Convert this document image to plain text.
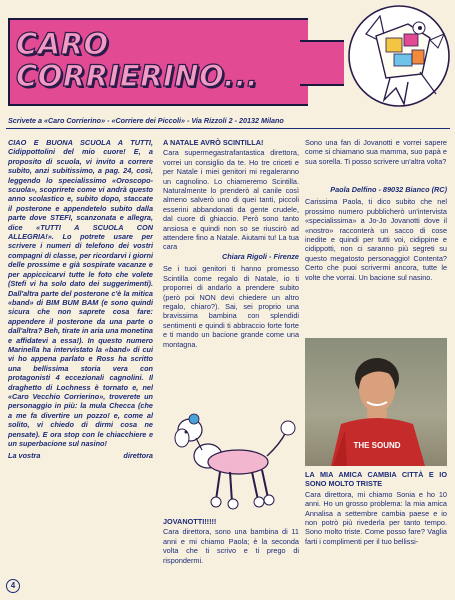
CARO CORRIERINO...
Scrivete a «Caro Corrierino» - «Corriere dei Piccoli» - Via Rizzoli 2 - 20132 Milano
CIAO E BUONA SCUOLA A TUTTI, Cidippottolini del mio cuore! E, a proposito di scuola, vi invito a correre subito, anzi subitissimo, a pag. 24, così, leggendo lo specialissimo «Oroscopo-scuola», scoprirete come vi andrà questo anno scolastico e, subito dopo, staccate il posterone e appendetelo subito dalla parte dove STEFI, scanzonata e allegra, dice «TUTTI A SCUOLA CON ALLEGRIA!». Lo potrete usare per scrivere i numeri di telefono dei vostri compagni di classe, per ricordarvi i giorni delle prossime e già sospirate vacanze e per appiccicarvi tutte le foto che volete (Stefi vi ha solo dato dei suggerimenti). Dall'altra parte del posterone c'è la mitica «band» di BIM BUM BAM (e sono quindi sicura che non saprete cosa fare: appendere il posterone da una parte o dall'altra? Beh, tirate in aria una monetina e affidatevi a essa!). In questo numero Marinella ha intervistato la «band» di cui vi ho appena parlato e Ross ha scritto una bellissima storia vera con protagonisti 4 eccezionali cagnolini. Il draghetto di Lochness è tornato e, nel «Caro Vecchio Corrierino», troverete un personaggio in più: la mula Checca (che a me fa divertire un pozzo! e, come al solito, vi chiedo di dirmi cosa ne pensate). E ora stop con le chiacchiere e un superbacione sul nasino!
La vostra	direttora
A NATALE AVRÒ SCINTILLA!
Cara supermegastrafantastica direttora, vorrei un consiglio da te. Ho tre criceti e per Natale i miei genitori mi regaleranno un cagnolino. Lo chiameremo Scintilla. Naturalmente lo prenderò al canile così almeno salverò uno di quei tanti, piccoli esserini abbandonati da gente crudele, dal cuore di ghiaccio. Però sono tanto ansiosa e quindi non so se riuscirò ad attendere fino a Natale. Aiutami tu! La tua cara
Chiara Rigoli - Firenze
Se i tuoi genitori ti hanno promesso Scintilla come regalo di Natale, io ti proporrei di andarlo a prendere subito (però poi NON devi chiedere un altro regalo, chiaro?). Sai, sei proprio una bravissima bambina con splendidi sentimenti e quindi ti abbraccio forte forte e ti mando un bacione grande come una montagna.
JOVANOTTI!!!!!
Cara direttora, sono una bambina di 11 anni e mi chiamo Paola; è la seconda volta che ti scrivo e ti prego di rispondermi.
Sono una fan di Jovanotti e vorrei sapere come si chiamano sua mamma, suo papà e sua sorella. Ti posso scrivere un'altra volta?
Paola Delfino - 89032 Bianco (RC)
Carissima Paola, ti dico subito che nel prossimo numero pubblicherò un'intervista «specialissima» a Jo-Jo Jovanotti dove il «nostro» racconterà un sacco di cose inedite e quindi per tutti voi, cidippine e cidippotti, non ci saranno più segreti su questo megatosto personaggio! Contenta? Certo che puoi scrivermi ancora, tutte le volte che vorrai. Un bacione sul nasino.
THE SOUND
LA MIA AMICA CAMBIA CITTÀ E IO SONO MOLTO TRISTE
Cara direttora, mi chiamo Sonia e ho 10 anni. Ho un grosso problema: la mia amica Annalisa a settembre cambia paese e io non potrò più rivederla per tanto tempo. Sono molto triste. Come posso fare? Vaglia farti i complimenti per il tuo bellissi-
4
